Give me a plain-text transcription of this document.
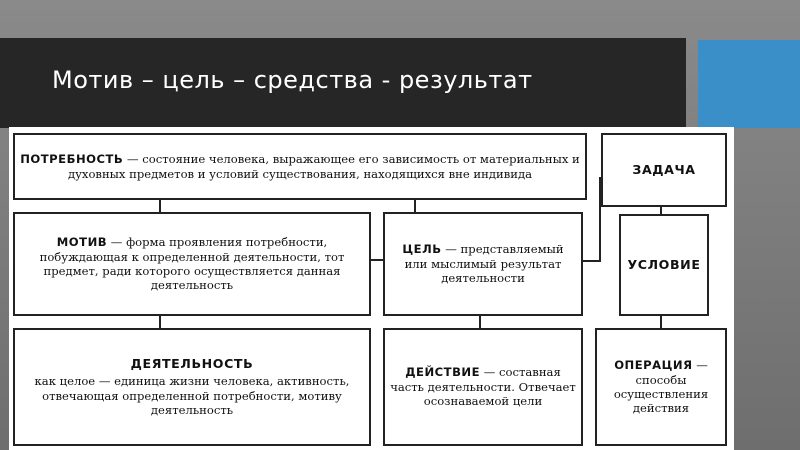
Мотив – цель – средства - результат

ПОТРЕБНОСТЬ — состояние человека, выражающее его зависимость от материальных и духовных предметов и условий существования, находящихся вне индивида	ЗАДАЧА

МОТИВ — форма проявления потребности, побуждающая к определенной деятельности, тот предмет, ради которого осуществляется данная деятельность

ЦЕЛЬ — представляемый или мыслимый результат деятельности

УСЛОВИЕ
ДЕЯТЕЛЬНОСТЬ

как целое — единица жизни человека, активность, отвечающая определенной потребности, мотиву деятельность

ДЕЙСТВИЕ — составная часть деятельности. Отвечает осознаваемой цели

ОПЕРАЦИЯ — способы осуществления действия
